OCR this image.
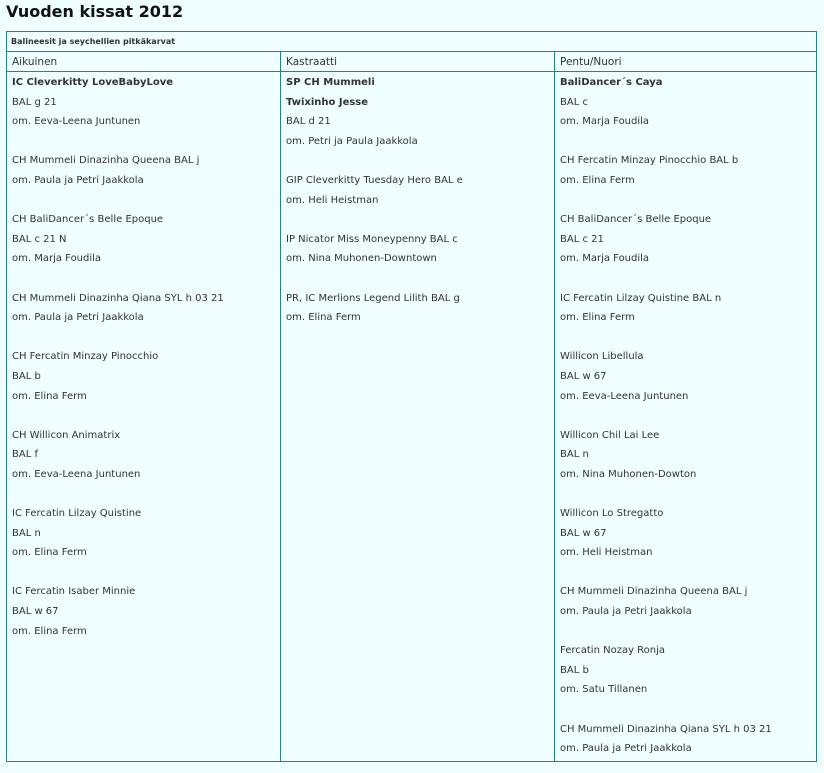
Vuoden kissat 2012
Balineesit ja seychellien pitkäkarvat
Aikuinen
IC Cleverkitty LoveBabyLove
BAL g 21
om. Eeva-Leena Juntunen
CH Mummeli Dinazinha Queena BAL j
om. Paula ja Petri Jaakkola
CH BaliDancer´s Belle Epoque
BAL c 21 N
om. Marja Foudila
CH Mummeli Dinazinha Qiana SYL h 03 21
om. Paula ja Petri Jaakkola
CH Fercatin Minzay Pinocchio
BAL b
om. Elina Ferm
CH Willicon Animatrix
BAL f
om. Eeva-Leena Juntunen
IC Fercatin Lilzay Quistine
BAL n
om. Elina Ferm
IC Fercatin Isaber Minnie
BAL w 67
om. Elina Ferm
Kastraatti
SP CH Mummeli
Twixinho Jesse
BAL d 21
om. Petri ja Paula Jaakkola
GIP Cleverkitty Tuesday Hero BAL e
om. Heli Heistman
IP Nicator Miss Moneypenny BAL c
om. Nina Muhonen-Downtown
PR, IC Merlions Legend Lilith BAL g
om. Elina Ferm
Pentu/Nuori
BaliDancer´s Caya
BAL c
om. Marja Foudila
CH Fercatin Minzay Pinocchio BAL b
om. Elina Ferm
CH BaliDancer´s Belle Epoque
BAL c 21
om. Marja Foudila
IC Fercatin Lilzay Quistine BAL n
om. Elina Ferm
Willicon Libellula
BAL w 67
om. Eeva-Leena Juntunen
Willicon Chil Lai Lee
BAL n
om. Nina Muhonen-Dowton
Willicon Lo Stregatto
BAL w 67
om. Heli Heistman
CH Mummeli Dinazinha Queena BAL j
om. Paula ja Petri Jaakkola
Fercatin Nozay Ronja
BAL b
om. Satu Tillanen
CH Mummeli Dinazinha Qiana SYL h 03 21
om. Paula ja Petri Jaakkola
